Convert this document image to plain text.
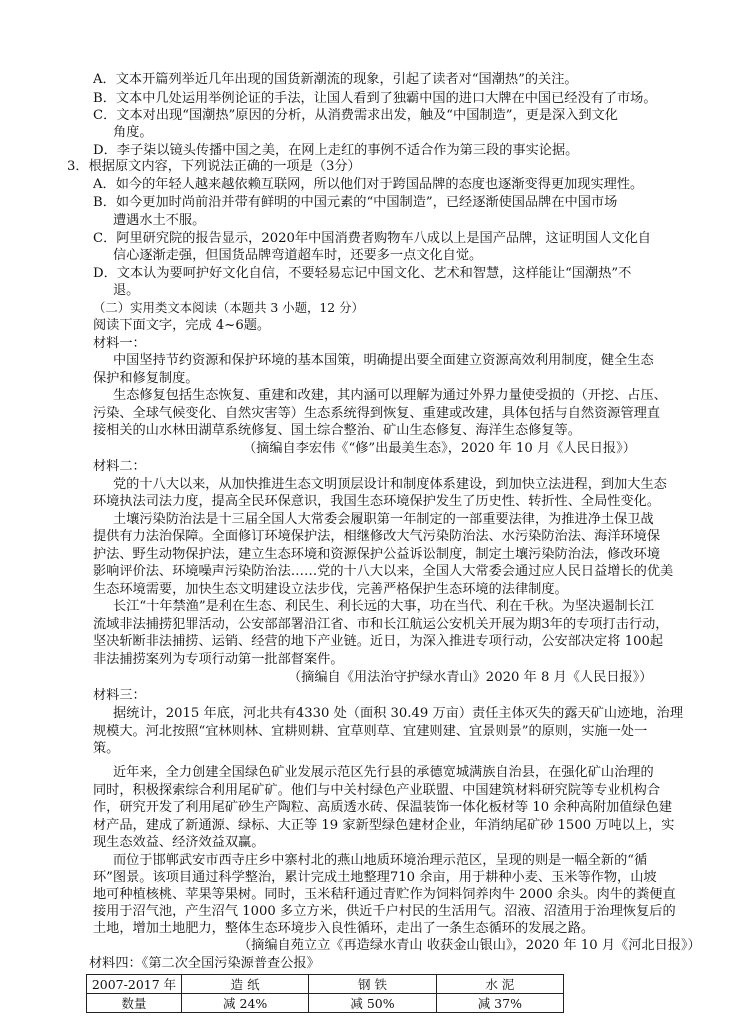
A．文本开篇列举近几年出现的国货新潮流的现象，引起了读者对“国潮热”的关注。
B．文本中几处运用举例论证的手法，让国人看到了独霸中国的进口大牌在中国已经没有了市场。
C．文本对出现“国潮热”原因的分析，从消费需求出发，触及“中国制造”，更是深入到文化
角度。
D．李子柒以镜头传播中国之美，在网上走红的事例不适合作为第三段的事实论据。
3．根据原文内容，下列说法正确的一项是（3分）
A．如今的年轻人越来越依赖互联网，所以他们对于跨国品牌的态度也逐渐变得更加现实理性。
B．如今更加时尚前沿并带有鲜明的中国元素的“中国制造”，已经逐渐使国品牌在中国市场
遭遇水土不服。
C．阿里研究院的报告显示，2020年中国消费者购物车八成以上是国产品牌，这证明国人文化自
信心逐渐走强，但国货品牌弯道超车时，还要多一点文化自觉。
D．文本认为要呵护好文化自信，不要轻易忘记中国文化、艺术和智慧，这样能让“国潮热”不
退。
（二）实用类文本阅读（本题共 3 小题，12 分）
阅读下面文字，完成 4~6题。
材料一：
中国坚持节约资源和保护环境的基本国策，明确提出要全面建立资源高效利用制度，健全生态
保护和修复制度。
生态修复包括生态恢复、重建和改建，其内涵可以理解为通过外界力量使受损的（开挖、占压、
污染、全球气候变化、自然灾害等）生态系统得到恢复、重建或改建，具体包括与自然资源管理直
接相关的山水林田湖草系统修复、国土综合整治、矿山生态修复、海洋生态修复等。
（摘编自李宏伟《“修”出最美生态》，2020 年 10 月《人民日报》）
材料二：
党的十八大以来，从加快推进生态文明顶层设计和制度体系建设，到加快立法进程，到加大生态
环境执法司法力度，提高全民环保意识，我国生态环境保护发生了历史性、转折性、全局性变化。
土壤污染防治法是十三届全国人大常委会履职第一年制定的一部重要法律，为推进净土保卫战
提供有力法治保障。全面修订环境保护法，相继修改大气污染防治法、水污染防治法、海洋环境保
护法、野生动物保护法，建立生态环境和资源保护公益诉讼制度，制定土壤污染防治法，修改环境
影响评价法、环境噪声污染防治法……党的十八大以来，全国人大常委会通过应人民日益增长的优美
生态环境需要，加快生态文明建设立法步伐，完善严格保护生态环境的法律制度。
长江“十年禁渔”是利在生态、利民生、利长远的大事，功在当代、利在千秋。为坚决遏制长江
流域非法捕捞犯罪活动，公安部部署沿江省、市和长江航运公安机关开展为期3年的专项打击行动，
坚决斩断非法捕捞、运销、经营的地下产业链。近日，为深入推进专项行动，公安部决定将 100起
非法捕捞案列为专项行动第一批部督案件。
（摘编自《用法治守护绿水青山》2020 年 8 月《人民日报》）
材料三：
据统计，2015 年底，河北共有4330 处（面积 30.49 万亩）责任主体灭失的露天矿山迹地，治理
规模大。河北按照“宜林则林、宜耕则耕、宜草则草、宜建则建、宜景则景”的原则，实施一处一
策。
近年来，全力创建全国绿色矿业发展示范区先行县的承德宽城满族自治县，在强化矿山治理的
同时，积极探索综合利用尾矿矿。他们与中关村绿色产业联盟、中国建筑材料研究院等专业机构合
作，研究开发了利用尾矿砂生产陶粒、高质透水砖、保温装饰一体化板材等 10 余种高附加值绿色建
材产品，建成了新通源、绿标、大正等 19 家新型绿色建材企业，年消纳尾矿砂 1500 万吨以上，实
现生态效益、经济效益双赢。
而位于邯郸武安市西寺庄乡中寨村北的燕山地质环境治理示范区，呈现的则是一幅全新的“循
环”图景。该项目通过科学整治，累计完成土地整理710 余亩，用于耕种小麦、玉米等作物，山坡
地可种植核桃、苹果等果树。同时，玉米秸秆通过青贮作为饲料饲养肉牛 2000 余头。肉牛的粪便直
接用于沼气池，产生沼气 1000 多立方米，供近千户村民的生活用气。沼液、沼渣用于治理恢复后的
土地，增加土地肥力，整体生态环境步入良性循环，走出了一条生态循环的发展之路。
（摘编自苑立立《再造绿水青山 收获金山银山》，2020 年 10 月《河北日报》）
材料四：《第二次全国污染源普查公报》
2007-2017 年	造 纸	钢 铁	水 泥
数量	减 24%	减 50%	减 37%
